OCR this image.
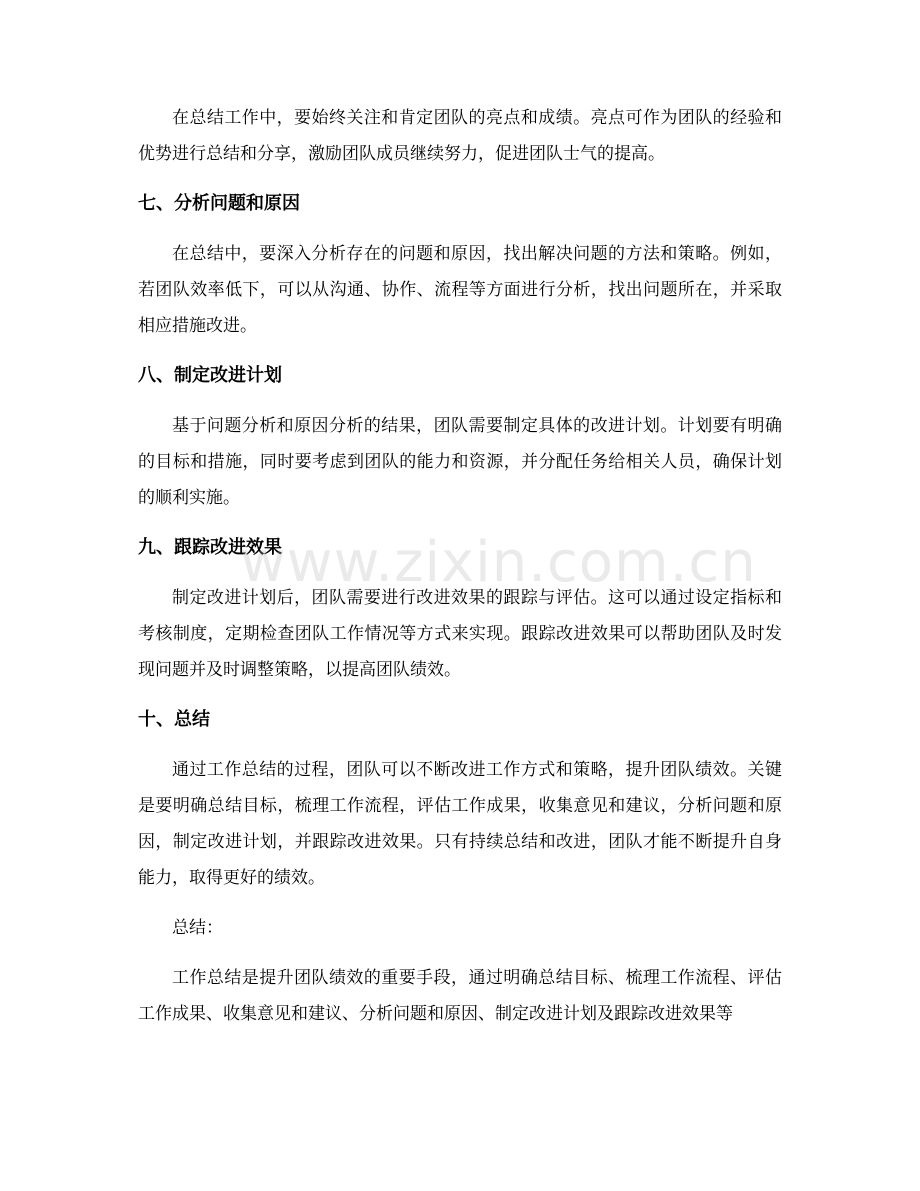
在总结工作中，要始终关注和肯定团队的亮点和成绩。亮点可作为团队的经验和优势进行总结和分享，激励团队成员继续努力，促进团队士气的提高。

七、分析问题和原因

在总结中，要深入分析存在的问题和原因，找出解决问题的方法和策略。例如，若团队效率低下，可以从沟通、协作、流程等方面进行分析，找出问题所在，并采取相应措施改进。

八、制定改进计划

基于问题分析和原因分析的结果，团队需要制定具体的改进计划。计划要有明确的目标和措施，同时要考虑到团队的能力和资源，并分配任务给相关人员，确保计划的顺利实施。

九、跟踪改进效果

制定改进计划后，团队需要进行改进效果的跟踪与评估。这可以通过设定指标和考核制度，定期检查团队工作情况等方式来实现。跟踪改进效果可以帮助团队及时发现问题并及时调整策略，以提高团队绩效。

十、总结

通过工作总结的过程，团队可以不断改进工作方式和策略，提升团队绩效。关键是要明确总结目标，梳理工作流程，评估工作成果，收集意见和建议，分析问题和原因，制定改进计划，并跟踪改进效果。只有持续总结和改进，团队才能不断提升自身能力，取得更好的绩效。

总结：

工作总结是提升团队绩效的重要手段，通过明确总结目标、梳理工作流程、评估工作成果、收集意见和建议、分析问题和原因、制定改进计划及跟踪改进效果等

www.zixin.com.cn
